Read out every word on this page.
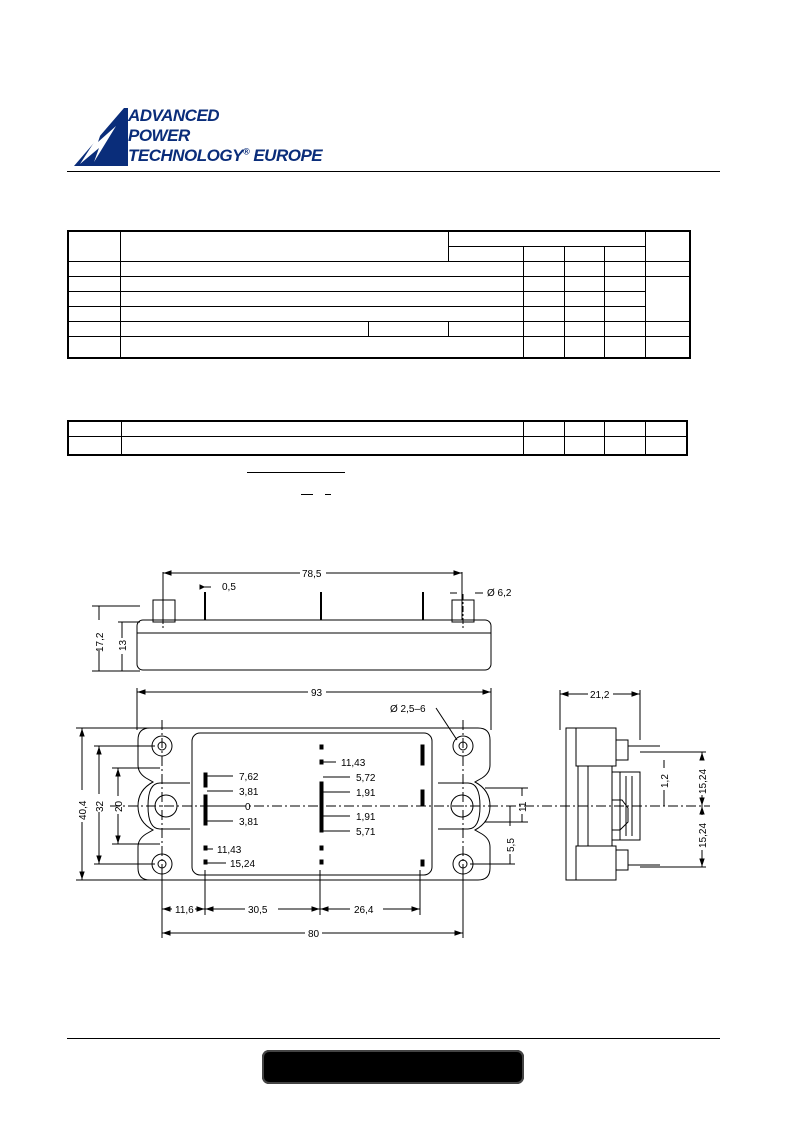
ADVANCED
POWER
TECHNOLOGY® EUROPE

78,5
0,5
Ø 6,2
17,2 13
93
Ø 2,5–6
7,62
3,81
0
3,81
11,43
15,24
11,43
5,72
1,91
1,91
5,71
40,4 32 20	11
5,5
11,6	30,5	26,4
80
21,2
15,24
15,24
1,2
